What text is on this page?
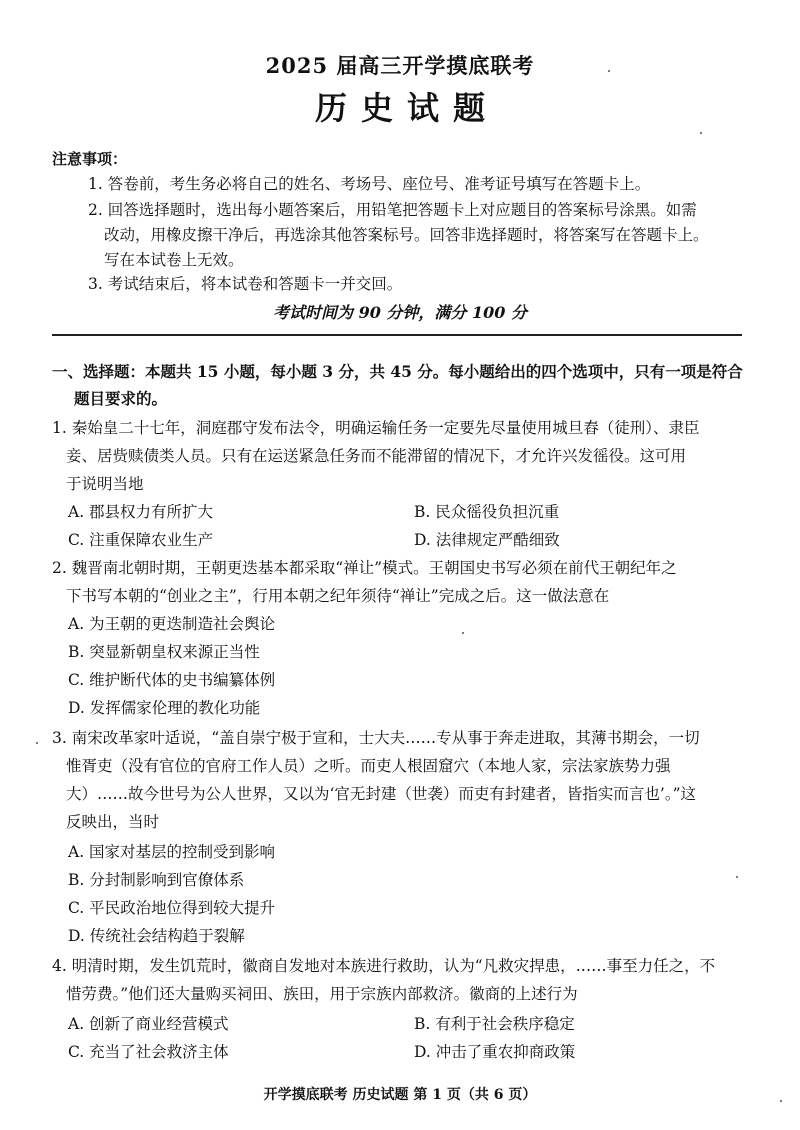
2025 届高三开学摸底联考
历史试题
注意事项：
1. 答卷前，考生务必将自己的姓名、考场号、座位号、准考证号填写在答题卡上。
2. 回答选择题时，选出每小题答案后，用铅笔把答题卡上对应题目的答案标号涂黑。如需
改动，用橡皮擦干净后，再选涂其他答案标号。回答非选择题时，将答案写在答题卡上。
写在本试卷上无效。
3. 考试结束后，将本试卷和答题卡一并交回。
考试时间为 90 分钟，满分 100 分
一、选择题：本题共 15 小题，每小题 3 分，共 45 分。每小题给出的四个选项中，只有一项是符合
题目要求的。
1. 秦始皇二十七年，洞庭郡守发布法令，明确运输任务一定要先尽量使用城旦舂（徒刑）、隶臣
妾、居赀赎债类人员。只有在运送紧急任务而不能滞留的情况下，才允许兴发徭役。这可用
于说明当地
A. 郡县权力有所扩大	B. 民众徭役负担沉重
C. 注重保障农业生产	D. 法律规定严酷细致
2. 魏晋南北朝时期，王朝更迭基本都采取“禅让”模式。王朝国史书写必须在前代王朝纪年之
下书写本朝的“创业之主”，行用本朝之纪年须待“禅让”完成之后。这一做法意在
A. 为王朝的更迭制造社会舆论
B. 突显新朝皇权来源正当性
C. 维护断代体的史书编纂体例
D. 发挥儒家伦理的教化功能
3. 南宋改革家叶适说，“盖自崇宁极于宣和，士大夫……专从事于奔走进取，其薄书期会，一切
惟胥吏（没有官位的官府工作人员）之听。而吏人根固窟穴（本地人家，宗法家族势力强
大）……故今世号为公人世界，又以为‘官无封建（世袭）而吏有封建者，皆指实而言也’。”这
反映出，当时
A. 国家对基层的控制受到影响
B. 分封制影响到官僚体系
C. 平民政治地位得到较大提升
D. 传统社会结构趋于裂解
4. 明清时期，发生饥荒时，徽商自发地对本族进行救助，认为“凡救灾捍患，……事至力任之，不
惜劳费。”他们还大量购买祠田、族田，用于宗族内部救济。徽商的上述行为
A. 创新了商业经营模式	B. 有利于社会秩序稳定
C. 充当了社会救济主体	D. 冲击了重农抑商政策
开学摸底联考 历史试题 第 1 页（共 6 页）
